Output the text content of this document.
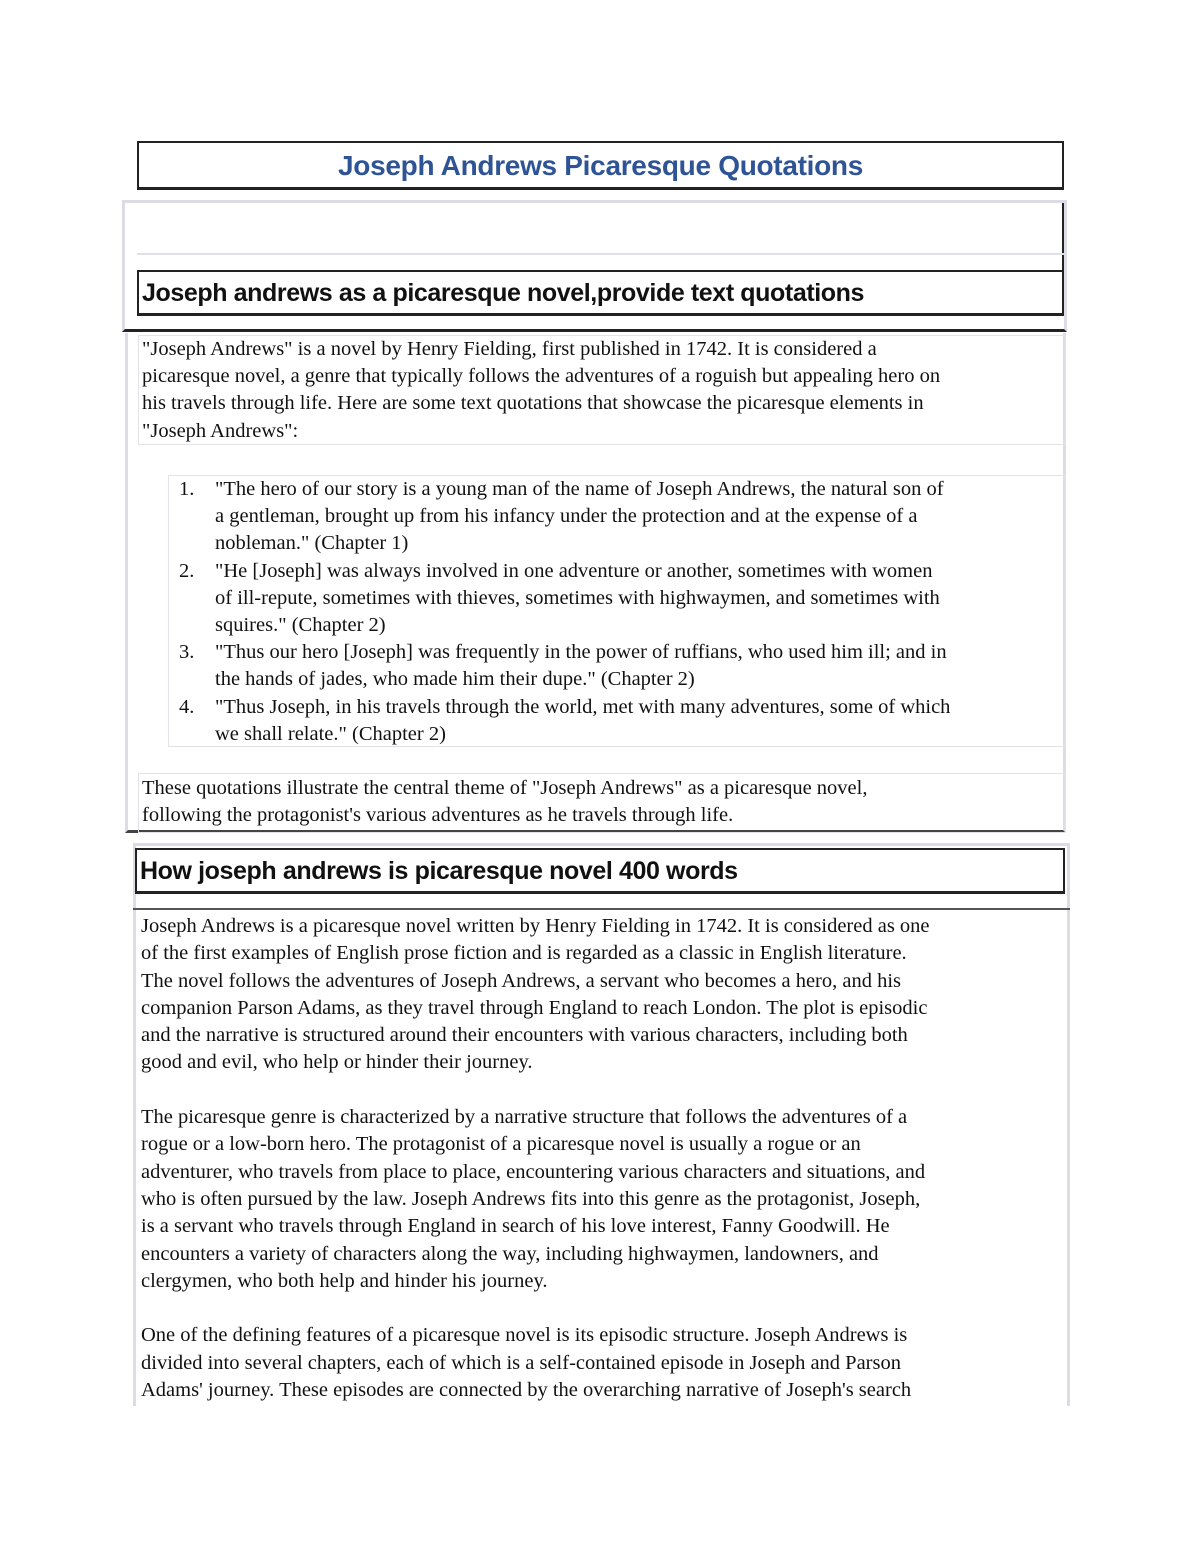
Joseph Andrews Picaresque Quotations
Joseph andrews as a picaresque novel,provide text quotations
"Joseph Andrews" is a novel by Henry Fielding, first published in 1742. It is considered a
picaresque novel, a genre that typically follows the adventures of a roguish but appealing hero on
his travels through life. Here are some text quotations that showcase the picaresque elements in
"Joseph Andrews":
1. "The hero of our story is a young man of the name of Joseph Andrews, the natural son of
a gentleman, brought up from his infancy under the protection and at the expense of a
nobleman." (Chapter 1)
2. "He [Joseph] was always involved in one adventure or another, sometimes with women
of ill-repute, sometimes with thieves, sometimes with highwaymen, and sometimes with
squires." (Chapter 2)
3. "Thus our hero [Joseph] was frequently in the power of ruffians, who used him ill; and in
the hands of jades, who made him their dupe." (Chapter 2)
4. "Thus Joseph, in his travels through the world, met with many adventures, some of which
we shall relate." (Chapter 2)
These quotations illustrate the central theme of "Joseph Andrews" as a picaresque novel,
following the protagonist's various adventures as he travels through life.
How joseph andrews is picaresque novel 400 words
Joseph Andrews is a picaresque novel written by Henry Fielding in 1742. It is considered as one
of the first examples of English prose fiction and is regarded as a classic in English literature.
The novel follows the adventures of Joseph Andrews, a servant who becomes a hero, and his
companion Parson Adams, as they travel through England to reach London. The plot is episodic
and the narrative is structured around their encounters with various characters, including both
good and evil, who help or hinder their journey.
The picaresque genre is characterized by a narrative structure that follows the adventures of a
rogue or a low-born hero. The protagonist of a picaresque novel is usually a rogue or an
adventurer, who travels from place to place, encountering various characters and situations, and
who is often pursued by the law. Joseph Andrews fits into this genre as the protagonist, Joseph,
is a servant who travels through England in search of his love interest, Fanny Goodwill. He
encounters a variety of characters along the way, including highwaymen, landowners, and
clergymen, who both help and hinder his journey.
One of the defining features of a picaresque novel is its episodic structure. Joseph Andrews is
divided into several chapters, each of which is a self-contained episode in Joseph and Parson
Adams' journey. These episodes are connected by the overarching narrative of Joseph's search
